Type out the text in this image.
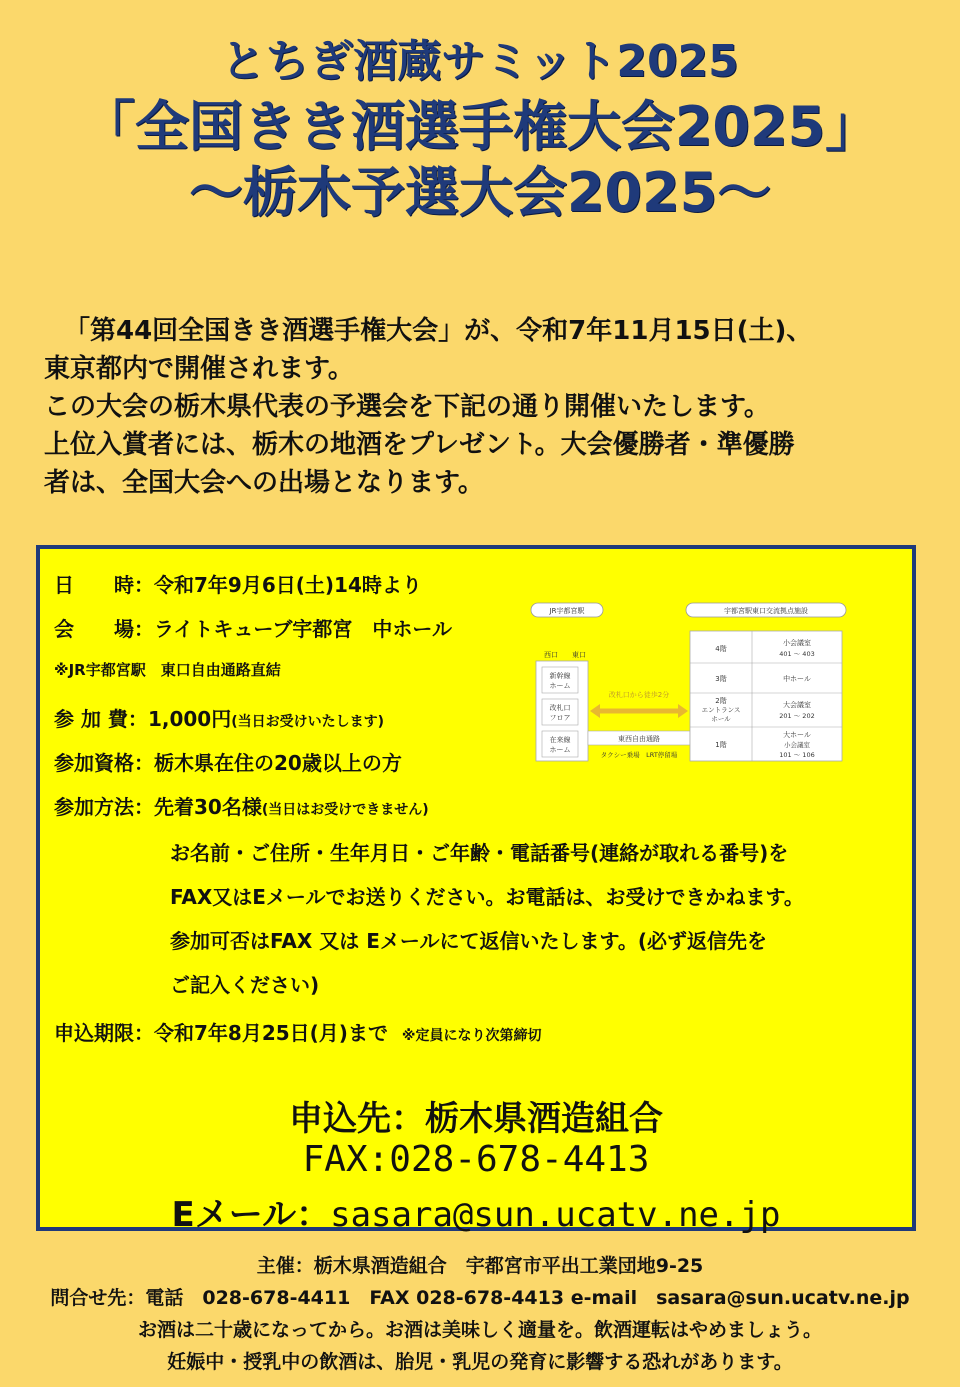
とちぎ酒蔵サミット2025
「全国きき酒選手権大会2025」
～栃木予選大会2025～
「第44回全国きき酒選手権大会」が、令和7年11月15日(土)、
東京都内で開催されます。
この大会の栃木県代表の予選会を下記の通り開催いたします。
上位入賞者には、栃木の地酒をプレゼント。大会優勝者・準優勝
者は、全国大会への出場となります。
日　　時：令和7年9月6日(土)14時より
会　　場：ライトキューブ宇都宮　中ホール
※JR宇都宮駅　東口自由通路直結
参 加 費：1,000円(当日お受けいたします)
参加資格：栃木県在住の20歳以上の方
参加方法：先着30名様(当日はお受けできません)
お名前・ご住所・生年月日・ご年齢・電話番号(連絡が取れる番号)を
FAX又はEメールでお送りください。お電話は、お受けできかねます。
参加可否はFAX 又は Eメールにて返信いたします。(必ず返信先を
ご記入ください)
申込期限：令和7年8月25日(月)まで ※定員になり次第締切
JR宇都宮駅	宇都宮駅東口交流拠点施設
西口 東口
新幹線
ホーム
改札口
フロア
在来線
ホーム
東西自由通路
タクシー乗場　LRT停留場
改札口から徒歩2分
4階
小会議室
401 ～ 403
3階	中ホール
2階
エントランス
ホール
大会議室
201 ～ 202
1階
大ホール
小会議室
101 ～ 106
申込先：栃木県酒造組合
FAX:028-678-4413
Eメール：sasara@sun.ucatv.ne.jp
主催：栃木県酒造組合　宇都宮市平出工業団地9-25
問合せ先：電話　028-678-4411　FAX 028-678-4413 e-mail　sasara@sun.ucatv.ne.jp
お酒は二十歳になってから。お酒は美味しく適量を。飲酒運転はやめましょう。
妊娠中・授乳中の飲酒は、胎児・乳児の発育に影響する恐れがあります。
